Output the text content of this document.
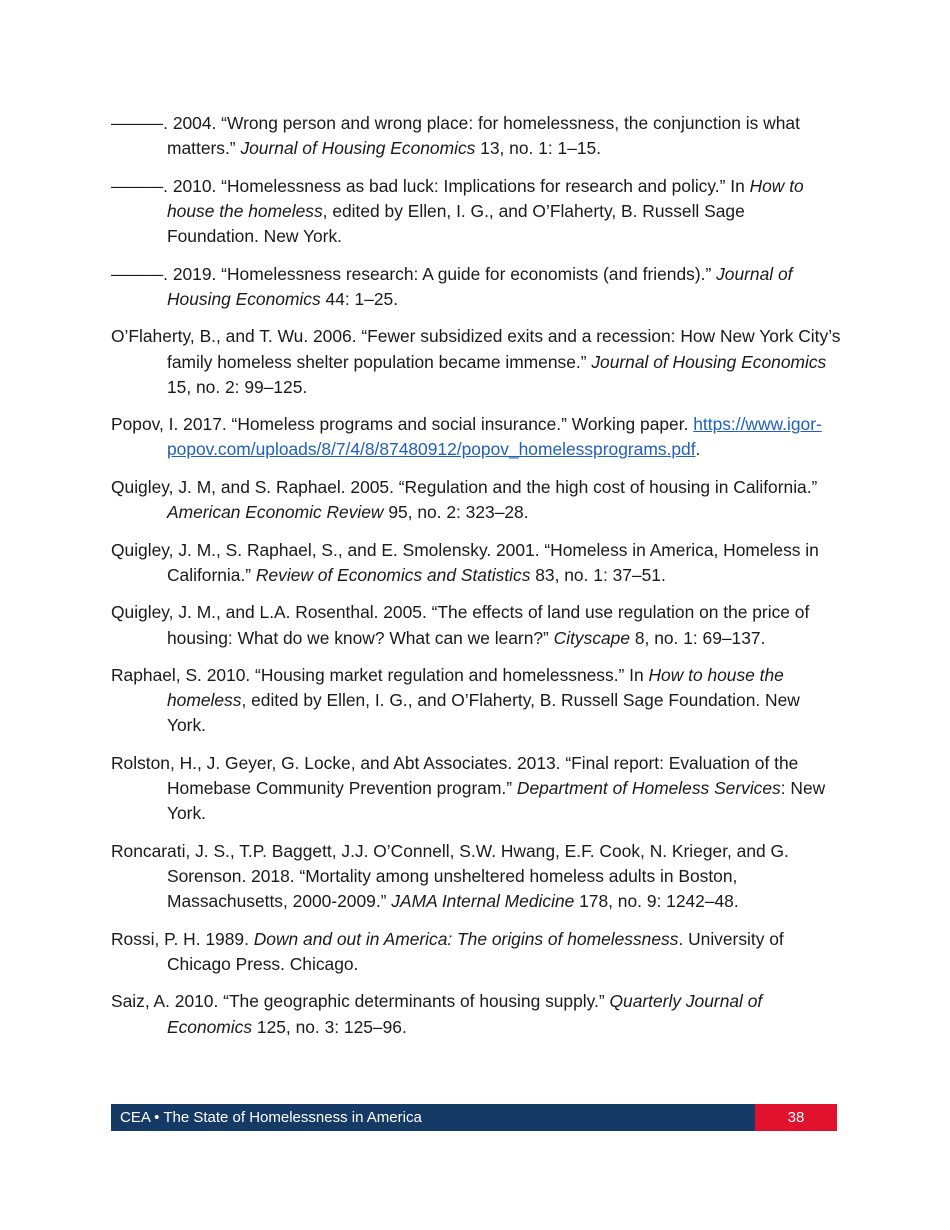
———. 2004. “Wrong person and wrong place: for homelessness, the conjunction is what matters.” Journal of Housing Economics 13, no. 1: 1–15.

———. 2010. “Homelessness as bad luck: Implications for research and policy.” In How to house the homeless, edited by Ellen, I. G., and O’Flaherty, B. Russell Sage Foundation. New York.

———. 2019. “Homelessness research: A guide for economists (and friends).” Journal of Housing Economics 44: 1–25.

O’Flaherty, B., and T. Wu. 2006. “Fewer subsidized exits and a recession: How New York City’s family homeless shelter population became immense.” Journal of Housing Economics 15, no. 2: 99–125.

Popov, I. 2017. “Homeless programs and social insurance.” Working paper. https://www.igor-popov.com/uploads/8/7/4/8/87480912/popov_homelessprograms.pdf.

Quigley, J. M, and S. Raphael. 2005. “Regulation and the high cost of housing in California.” American Economic Review 95, no. 2: 323–28.

Quigley, J. M., S. Raphael, S., and E. Smolensky. 2001. “Homeless in America, Homeless in California.” Review of Economics and Statistics 83, no. 1: 37–51.

Quigley, J. M., and L.A. Rosenthal. 2005. “The effects of land use regulation on the price of housing: What do we know? What can we learn?” Cityscape 8, no. 1: 69–137.

Raphael, S. 2010. “Housing market regulation and homelessness.” In How to house the homeless, edited by Ellen, I. G., and O’Flaherty, B. Russell Sage Foundation. New York.

Rolston, H., J. Geyer, G. Locke, and Abt Associates. 2013. “Final report: Evaluation of the Homebase Community Prevention program.” Department of Homeless Services: New York.

Roncarati, J. S., T.P. Baggett, J.J. O’Connell, S.W. Hwang, E.F. Cook, N. Krieger, and G. Sorenson. 2018. “Mortality among unsheltered homeless adults in Boston, Massachusetts, 2000-2009.” JAMA Internal Medicine 178, no. 9: 1242–48.

Rossi, P. H. 1989. Down and out in America: The origins of homelessness. University of Chicago Press. Chicago.

Saiz, A. 2010. “The geographic determinants of housing supply.” Quarterly Journal of Economics 125, no. 3: 125–96.

CEA • The State of Homelessness in America	38
